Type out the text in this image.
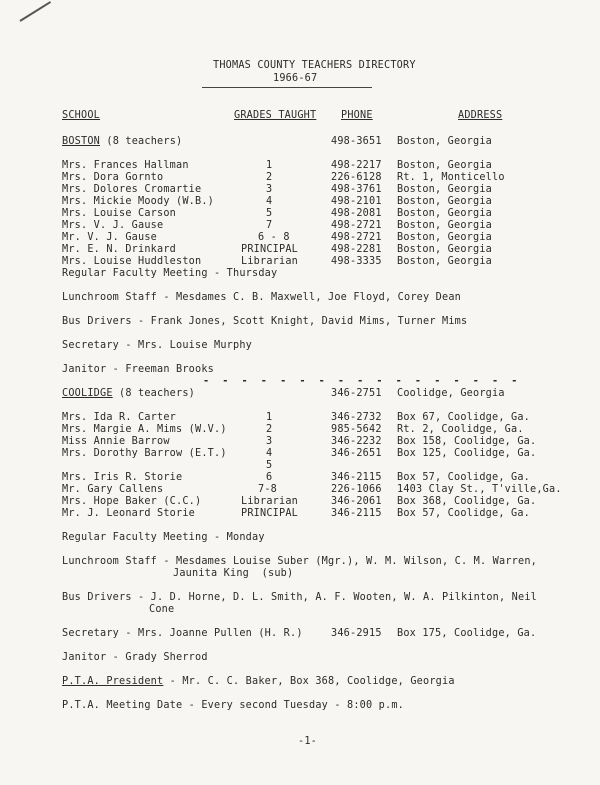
THOMAS COUNTY TEACHERS DIRECTORY
1966-67
SCHOOL	GRADES TAUGHT PHONE	ADDRESS
BOSTON (8 teachers)	498-3651 Boston, Georgia
Mrs. Frances Hallman	1	498-2217 Boston, Georgia
Mrs. Dora Gornto	2	226-6128 Rt. 1, Monticello
Mrs. Dolores Cromartie	3	498-3761 Boston, Georgia
Mrs. Mickie Moody (W.B.)	4	498-2101 Boston, Georgia
Mrs. Louise Carson	5	498-2081 Boston, Georgia
Mrs. V. J. Gause	7	498-2721 Boston, Georgia
Mr. V. J. Gause	6 - 8	498-2721 Boston, Georgia
Mr. E. N. Drinkard	PRINCIPAL	498-2281 Boston, Georgia
Mrs. Louise Huddleston	Librarian	498-3335 Boston, Georgia
Regular Faculty Meeting - Thursday
Lunchroom Staff - Mesdames C. B. Maxwell, Joe Floyd, Corey Dean
Bus Drivers - Frank Jones, Scott Knight, David Mims, Turner Mims
Secretary - Mrs. Louise Murphy
Janitor - Freeman Brooks
- - - - - - - - - - - - - - - - -
COOLIDGE (8 teachers)	346-2751 Coolidge, Georgia
Mrs. Ida R. Carter	1	346-2732 Box 67, Coolidge, Ga.
Mrs. Margie A. Mims (W.V.)	2	985-5642 Rt. 2, Coolidge, Ga.
Miss Annie Barrow	3	346-2232 Box 158, Coolidge, Ga.
Mrs. Dorothy Barrow (E.T.)	4	346-2651 Box 125, Coolidge, Ga.
5
Mrs. Iris R. Storie	6	346-2115 Box 57, Coolidge, Ga.
Mr. Gary Callens	7-8	226-1066 1403 Clay St., T'ville,Ga.
Mrs. Hope Baker (C.C.)	Librarian	346-2061 Box 368, Coolidge, Ga.
Mr. J. Leonard Storie	PRINCIPAL	346-2115 Box 57, Coolidge, Ga.
Regular Faculty Meeting - Monday
Lunchroom Staff - Mesdames Louise Suber (Mgr.), W. M. Wilson, C. M. Warren,
Jaunita King  (sub)
Bus Drivers - J. D. Horne, D. L. Smith, A. F. Wooten, W. A. Pilkinton, Neil
Cone
Secretary - Mrs. Joanne Pullen (H. R.)	346-2915 Box 175, Coolidge, Ga.
Janitor - Grady Sherrod
P.T.A. President - Mr. C. C. Baker, Box 368, Coolidge, Georgia
P.T.A. Meeting Date - Every second Tuesday - 8:00 p.m.
-1-
